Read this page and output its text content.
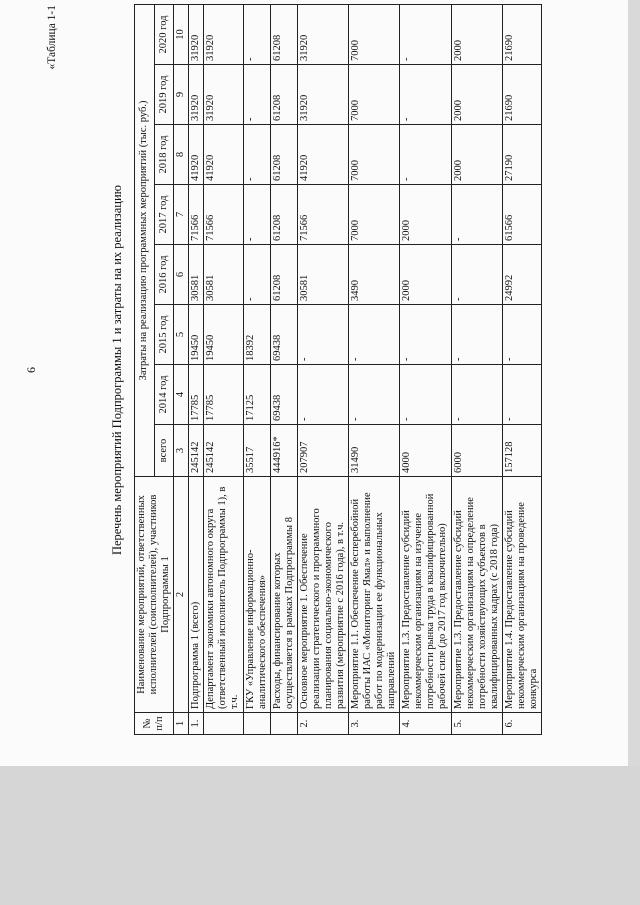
6
«Таблица 1-1
Перечень мероприятий Подпрограммы 1 и затраты на их реализацию
№ п/п	Наименование мероприятий, ответственных исполнителей (соисполнителей), участников Подпрограммы 1	Затраты на реализацию программных мероприятий (тыс. руб.)							
		всего	2014 год	2015 год	2016 год	2017 год	2018 год	2019 год	2020 год
1	2	3	4	5	6	7	8	9	10
1.	Подпрограмма 1 (всего)	245142	17785	19450	30581	71566	41920	31920	31920
	Департамент экономики автономного округа (ответственный исполнитель Подпрограммы 1), в т.ч.	245142	17785	19450	30581	71566	41920	31920	31920
	ГКУ «Управление информационно-аналитического обеспечения»	35517	17125	18392	-	-	-	-	-
	Расходы, финансирование которых осуществляется в рамках Подпрограммы 8	444916*	69438	69438	61208	61208	61208	61208	61208
2.	Основное мероприятие 1. Обеспечение реализации стратегического и программного планирования социально-экономического развития (мероприятие с 2016 года), в т.ч.	207907	-	-	30581	71566	41920	31920	31920
3.	Мероприятие 1.1. Обеспечение бесперебойной работы ИАС «Мониторинг Ямал» и выполнение работ по модернизации ее функциональных направлений	31490	-	-	3490	7000	7000	7000	7000
4.	Мероприятие 1.3. Предоставление субсидий некоммерческим организациям на изучение потребности рынка труда в квалифицированной рабочей силе (до 2017 год включительно)	4000	-	-	2000	2000	-	-	-
5.	Мероприятие 1.3. Предоставление субсидий некоммерческим организациям на определение потребности хозяйствующих субъектов в квалифицированных кадрах (с 2018 года)	6000	-	-	-	-	2000	2000	2000
6.	Мероприятие 1.4. Предоставление субсидий некоммерческим организациям на проведение конкурса	157128	-	-	24992	61566	27190	21690	21690
